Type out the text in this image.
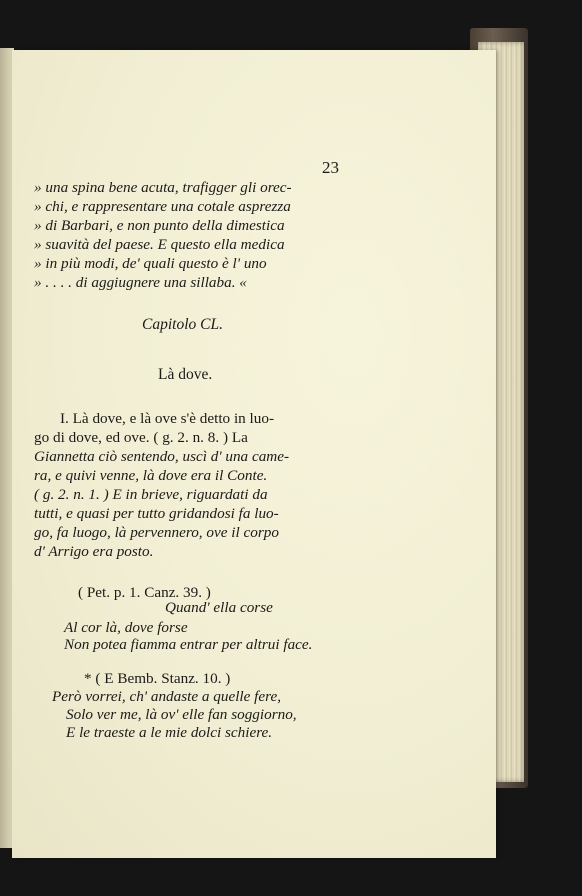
23
» una spina bene acuta, trafigger gli orec-
» chi, e rappresentare una cotale asprezza
» di Barbari, e non punto della dimestica
» suavità del paese. E questo ella medica
» in più modi, de' quali questo è l' uno
» . . . . di aggiugnere una sillaba. «
Capitolo CL.
Là dove.
I. Là dove, e là ove s'è detto in luo-
go di dove, ed ove. ( g. 2. n. 8. ) La
Giannetta ciò sentendo, uscì d' una came-
ra, e quivi venne, là dove era il Conte.
( g. 2. n. 1. ) E in brieve, riguardati da
tutti, e quasi per tutto gridandosi fa luo-
go, fa luogo, là pervennero, ove il corpo
d' Arrigo era posto.
( Pet. p. 1. Canz. 39. )
Quand' ella corse
Al cor là, dove forse
Non potea fiamma entrar per altrui face.
* ( E Bemb. Stanz. 10. )
Però vorrei, ch' andaste a quelle fere,
Solo ver me, là ov' elle fan soggiorno,
E le traeste a le mie dolci schiere.
